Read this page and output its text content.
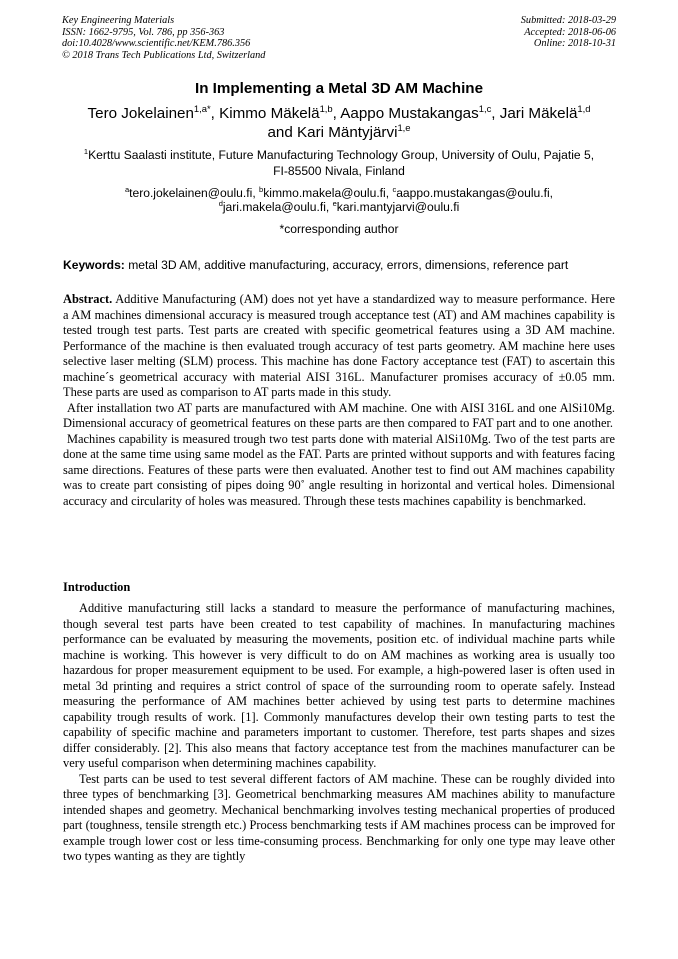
Key Engineering Materials
ISSN: 1662-9795, Vol. 786, pp 356-363
doi:10.4028/www.scientific.net/KEM.786.356
© 2018 Trans Tech Publications Ltd, Switzerland
Submitted: 2018-03-29
Accepted: 2018-06-06
Online: 2018-10-31
In Implementing a Metal 3D AM Machine
Tero Jokelainen$^{1,a*}$, Kimmo Mäkelä$^{1,b}$, Aappo Mustakangas$^{1,c}$, Jari Mäkelä$^{1,d}$
and Kari Mäntyjärvi$^{1,e}$
$^1$Kerttu Saalasti institute, Future Manufacturing Technology Group, University of Oulu, Pajatie 5,
FI-85500 Nivala, Finland
$^a$tero.jokelainen@oulu.fi, $^b$kimmo.makela@oulu.fi, $^c$aappo.mustakangas@oulu.fi,
$^d$jari.makela@oulu.fi, $^e$kari.mantyjarvi@oulu.fi
*corresponding author
Keywords: metal 3D AM, additive manufacturing, accuracy, errors, dimensions, reference part

Abstract. Additive Manufacturing (AM) does not yet have a standardized way to measure performance. Here a AM machines dimensional accuracy is measured trough acceptance test (AT) and AM machines capability is tested trough test parts. Test parts are created with specific geometrical features using a 3D AM machine. Performance of the machine is then evaluated trough accuracy of test parts geometry. AM machine here uses selective laser melting (SLM) process. This machine has done Factory acceptance test (FAT) to ascertain this machine´s geometrical accuracy with material AISI 316L. Manufacturer promises accuracy of ±0.05 mm. These parts are used as comparison to AT parts made in this study.

After installation two AT parts are manufactured with AM machine. One with AISI 316L and one AlSi10Mg. Dimensional accuracy of geometrical features on these parts are then compared to FAT part and to one another.

Machines capability is measured trough two test parts done with material AlSi10Mg. Two of the test parts are done at the same time using same model as the FAT. Parts are printed without supports and with features facing same directions. Features of these parts were then evaluated. Another test to find out AM machines capability was to create part consisting of pipes doing 90˚ angle resulting in horizontal and vertical holes. Dimensional accuracy and circularity of holes was measured. Through these tests machines capability is benchmarked.

Introduction

Additive manufacturing still lacks a standard to measure the performance of manufacturing machines, though several test parts have been created to test capability of machines. In manufacturing machines performance can be evaluated by measuring the movements, position etc. of individual machine parts while machine is working. This however is very difficult to do on AM machines as working area is usually too hazardous for proper measurement equipment to be used. For example, a high-powered laser is often used in metal 3d printing and requires a strict control of space of the surrounding room to operate safely. Instead measuring the performance of AM machines better achieved by using test parts to determine machines capability trough results of work. [1]. Commonly manufactures develop their own testing parts to test the capability of specific machine and parameters important to customer. Therefore, test parts shapes and sizes differ considerably. [2]. This also means that factory acceptance test from the machines manufacturer can be very useful comparison when determining machines capability.

Test parts can be used to test several different factors of AM machine. These can be roughly divided into three types of benchmarking [3]. Geometrical benchmarking measures AM machines ability to manufacture intended shapes and geometry. Mechanical benchmarking involves testing mechanical properties of produced part (toughness, tensile strength etc.) Process benchmarking tests if AM machines process can be improved for example trough lower cost or less time-consuming process. Benchmarking for only one type may leave other two types wanting as they are tightly
